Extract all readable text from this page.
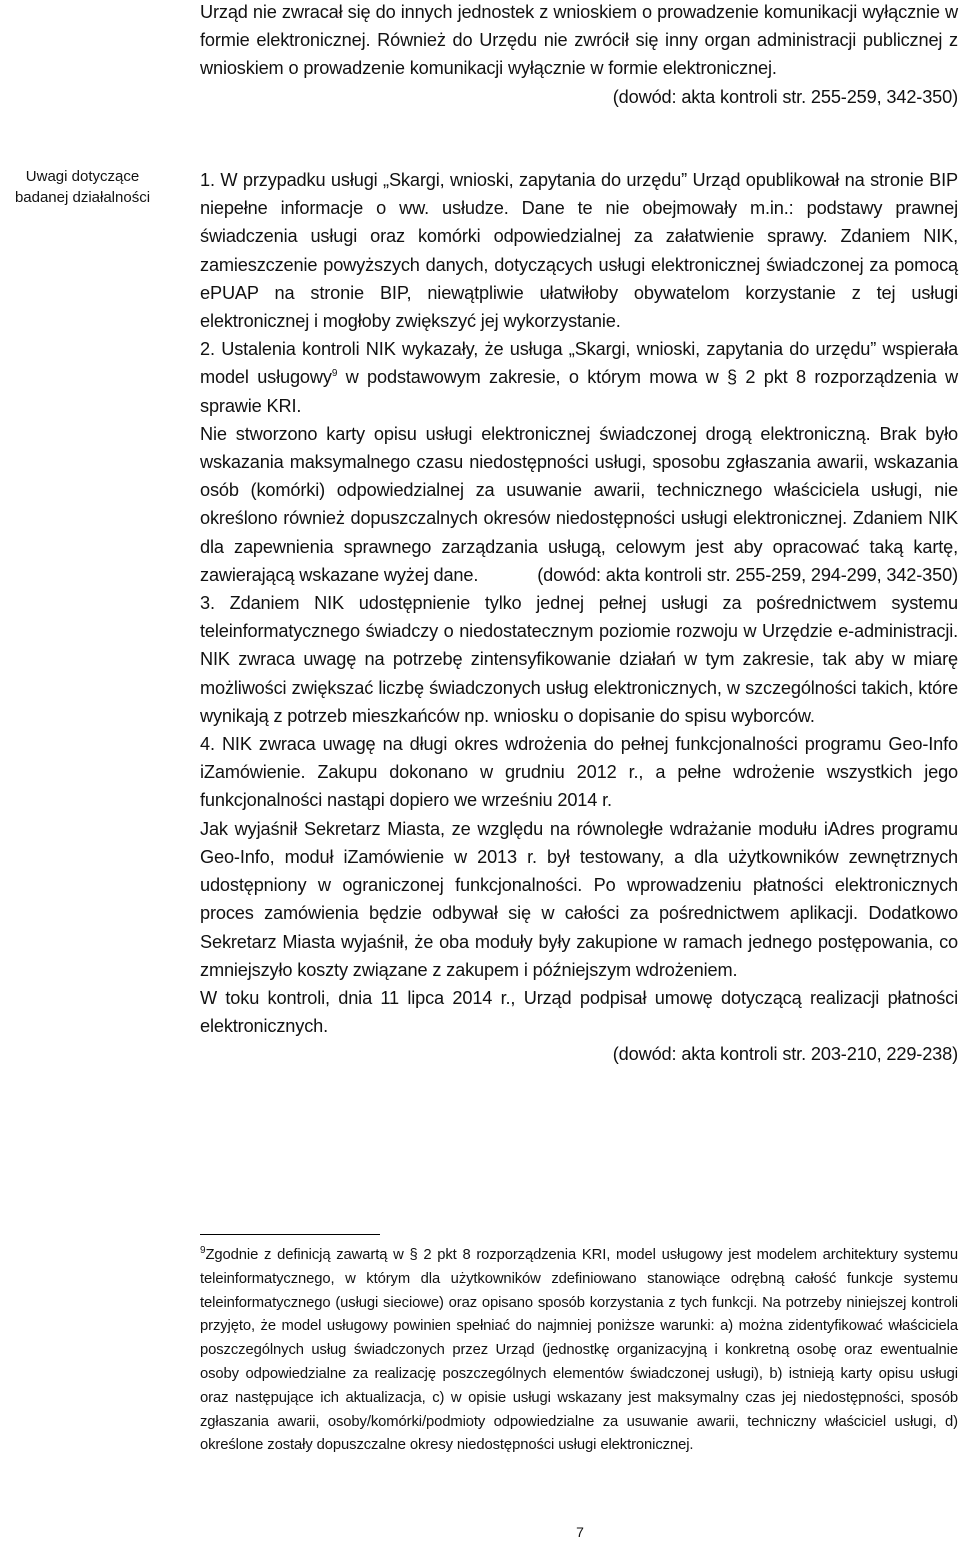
Urząd nie zwracał się do innych jednostek z wnioskiem o prowadzenie komunikacji wyłącznie w formie elektronicznej. Również do Urzędu nie zwrócił się inny organ administracji publicznej z wnioskiem o prowadzenie komunikacji wyłącznie w formie elektronicznej.

(dowód: akta kontroli str. 255-259, 342-350)

Uwagi dotyczące badanej działalności

1. W przypadku usługi „Skargi, wnioski, zapytania do urzędu” Urząd opublikował na stronie BIP niepełne informacje o ww. usłudze. Dane te nie obejmowały m.in.: podstawy prawnej świadczenia usługi oraz komórki odpowiedzialnej za załatwienie sprawy. Zdaniem NIK, zamieszczenie powyższych danych, dotyczących usługi elektronicznej świadczonej za pomocą ePUAP na stronie BIP, niewątpliwie ułatwiłoby obywatelom korzystanie z tej usługi elektronicznej i mogłoby zwiększyć jej wykorzystanie.

2. Ustalenia kontroli NIK wykazały, że usługa „Skargi, wnioski, zapytania do urzędu” wspierała model usługowy$^9$ w podstawowym zakresie, o którym mowa w § 2 pkt 8 rozporządzenia w sprawie KRI.

Nie stworzono karty opisu usługi elektronicznej świadczonej drogą elektroniczną. Brak było wskazania maksymalnego czasu niedostępności usługi, sposobu zgłaszania awarii, wskazania osób (komórki) odpowiedzialnej za usuwanie awarii, technicznego właściciela usługi, nie określono również dopuszczalnych okresów niedostępności usługi elektronicznej. Zdaniem NIK dla zapewnienia sprawnego zarządzania usługą, celowym jest aby opracować taką kartę, zawierającą wskazane wyżej dane.	(dowód: akta kontroli str. 255-259, 294-299, 342-350)

3. Zdaniem NIK udostępnienie tylko jednej pełnej usługi za pośrednictwem systemu teleinformatycznego świadczy o niedostatecznym poziomie rozwoju w Urzędzie e-administracji. NIK zwraca uwagę na potrzebę zintensyfikowanie działań w tym zakresie, tak aby w miarę możliwości zwiększać liczbę świadczonych usług elektronicznych, w szczególności takich, które wynikają z potrzeb mieszkańców np. wniosku o dopisanie do spisu wyborców.

4. NIK zwraca uwagę na długi okres wdrożenia do pełnej funkcjonalności programu Geo-Info iZamówienie. Zakupu dokonano w grudniu 2012 r., a pełne wdrożenie wszystkich jego funkcjonalności nastąpi dopiero we wrześniu 2014 r.

Jak wyjaśnił Sekretarz Miasta, ze względu na równoległe wdrażanie modułu iAdres programu Geo-Info, moduł iZamówienie w 2013 r. był testowany, a dla użytkowników zewnętrznych udostępniony w ograniczonej funkcjonalności. Po wprowadzeniu płatności elektronicznych proces zamówienia będzie odbywał się w całości za pośrednictwem aplikacji. Dodatkowo Sekretarz Miasta wyjaśnił, że oba moduły były zakupione w ramach jednego postępowania, co zmniejszyło koszty związane z zakupem i późniejszym wdrożeniem.

W toku kontroli, dnia 11 lipca 2014 r., Urząd podpisał umowę dotyczącą realizacji płatności elektronicznych.

(dowód: akta kontroli str. 203-210, 229-238)

$^9$Zgodnie z definicją zawartą w § 2 pkt 8 rozporządzenia KRI, model usługowy jest modelem architektury systemu teleinformatycznego, w którym dla użytkowników zdefiniowano stanowiące odrębną całość funkcje systemu teleinformatycznego (usługi sieciowe) oraz opisano sposób korzystania z tych funkcji. Na potrzeby niniejszej kontroli przyjęto, że model usługowy powinien spełniać do najmniej poniższe warunki: a) można zidentyfikować właściciela poszczególnych usług świadczonych przez Urząd (jednostkę organizacyjną i konkretną osobę oraz ewentualnie osoby odpowiedzialne za realizację poszczególnych elementów świadczonej usługi), b) istnieją karty opisu usługi oraz następujące ich aktualizacja, c) w opisie usługi wskazany jest maksymalny czas jej niedostępności, sposób zgłaszania awarii, osoby/komórki/podmioty odpowiedzialne za usuwanie awarii, techniczny właściciel usługi, d) określone zostały dopuszczalne okresy niedostępności usługi elektronicznej.

7
